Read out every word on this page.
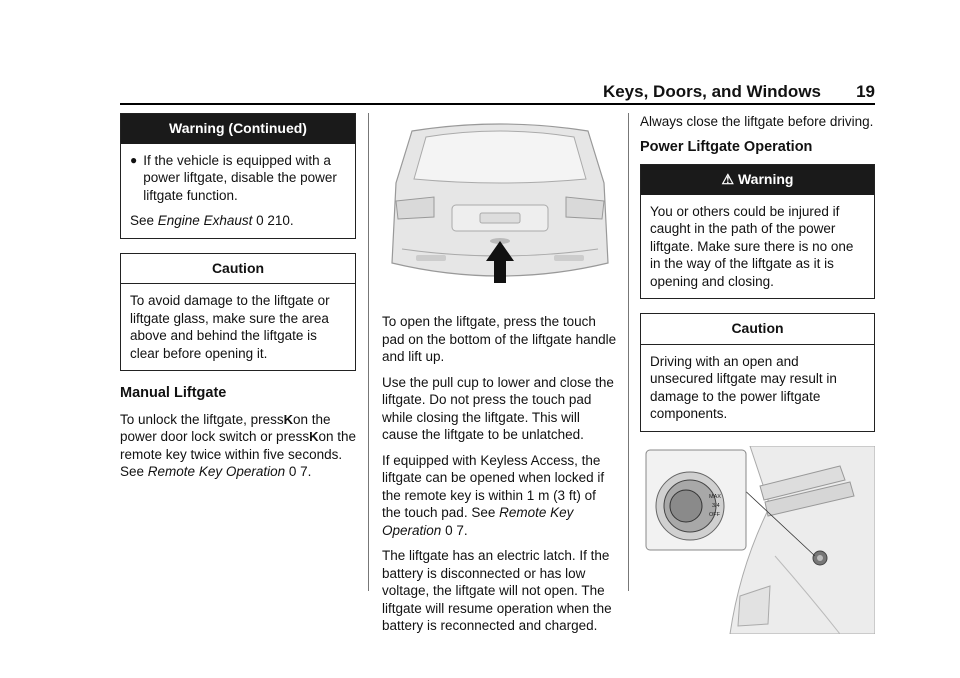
Keys, Doors, and Windows 19
Warning (Continued)
● If the vehicle is equipped with a power liftgate, disable the power liftgate function.

See Engine Exhaust 0 210.

Caution
To avoid damage to the liftgate or liftgate glass, make sure the area above and behind the liftgate is clear before opening it.
Manual Liftgate

To unlock the liftgate, pressKon the power door lock switch or pressKon the remote key twice within five seconds. See Remote Key Operation 0 7.

To open the liftgate, press the touch pad on the bottom of the liftgate handle and lift up.

Use the pull cup to lower and close the liftgate. Do not press the touch pad while closing the liftgate. This will cause the liftgate to be unlatched.

If equipped with Keyless Access, the liftgate can be opened when locked if the remote key is within 1 m (3 ft) of the touch pad. See Remote Key Operation 0 7.

The liftgate has an electric latch. If the battery is disconnected or has low voltage, the liftgate will not open. The liftgate will resume operation when the battery is reconnected and charged.

Always close the liftgate before driving.

Power Liftgate Operation
⚠ Warning
You or others could be injured if caught in the path of the power liftgate. Make sure there is no one in the way of the liftgate as it is opening and closing.
Caution
Driving with an open and unsecured liftgate may result in damage to the power liftgate components.
MAX
3/4
OFF
